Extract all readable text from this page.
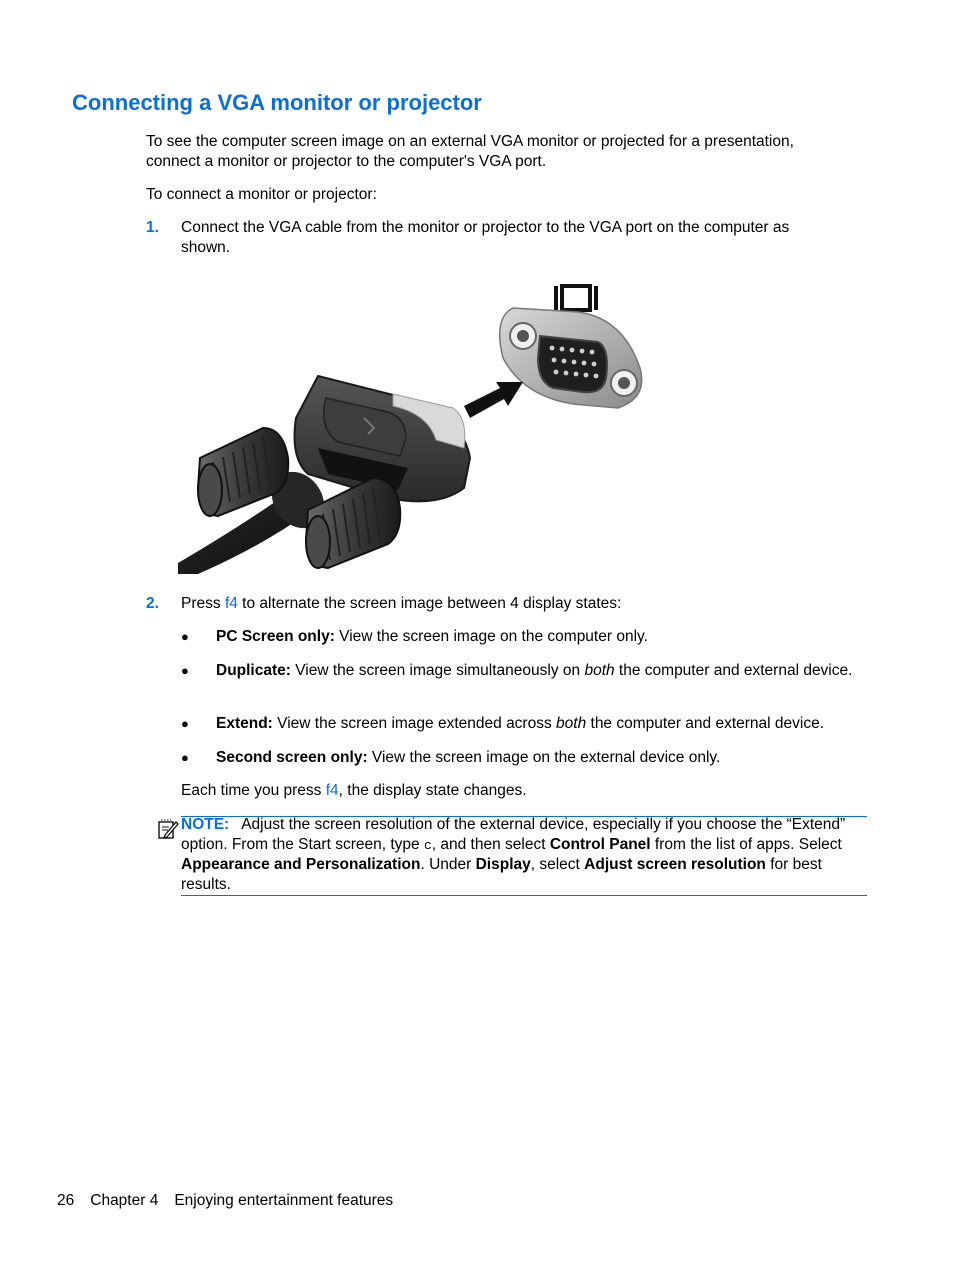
Connecting a VGA monitor or projector
To see the computer screen image on an external VGA monitor or projected for a presentation, connect a monitor or projector to the computer's VGA port.
To connect a monitor or projector:
1. Connect the VGA cable from the monitor or projector to the VGA port on the computer as shown.
2. Press f4 to alternate the screen image between 4 display states:
● PC Screen only: View the screen image on the computer only.
● Duplicate: View the screen image simultaneously on both the computer and external device.
● Extend: View the screen image extended across both the computer and external device.
● Second screen only: View the screen image on the external device only.
Each time you press f4, the display state changes.
NOTE: Adjust the screen resolution of the external device, especially if you choose the “Extend” option. From the Start screen, type c, and then select Control Panel from the list of apps. Select Appearance and Personalization. Under Display, select Adjust screen resolution for best results.
26 Chapter 4 Enjoying entertainment features
